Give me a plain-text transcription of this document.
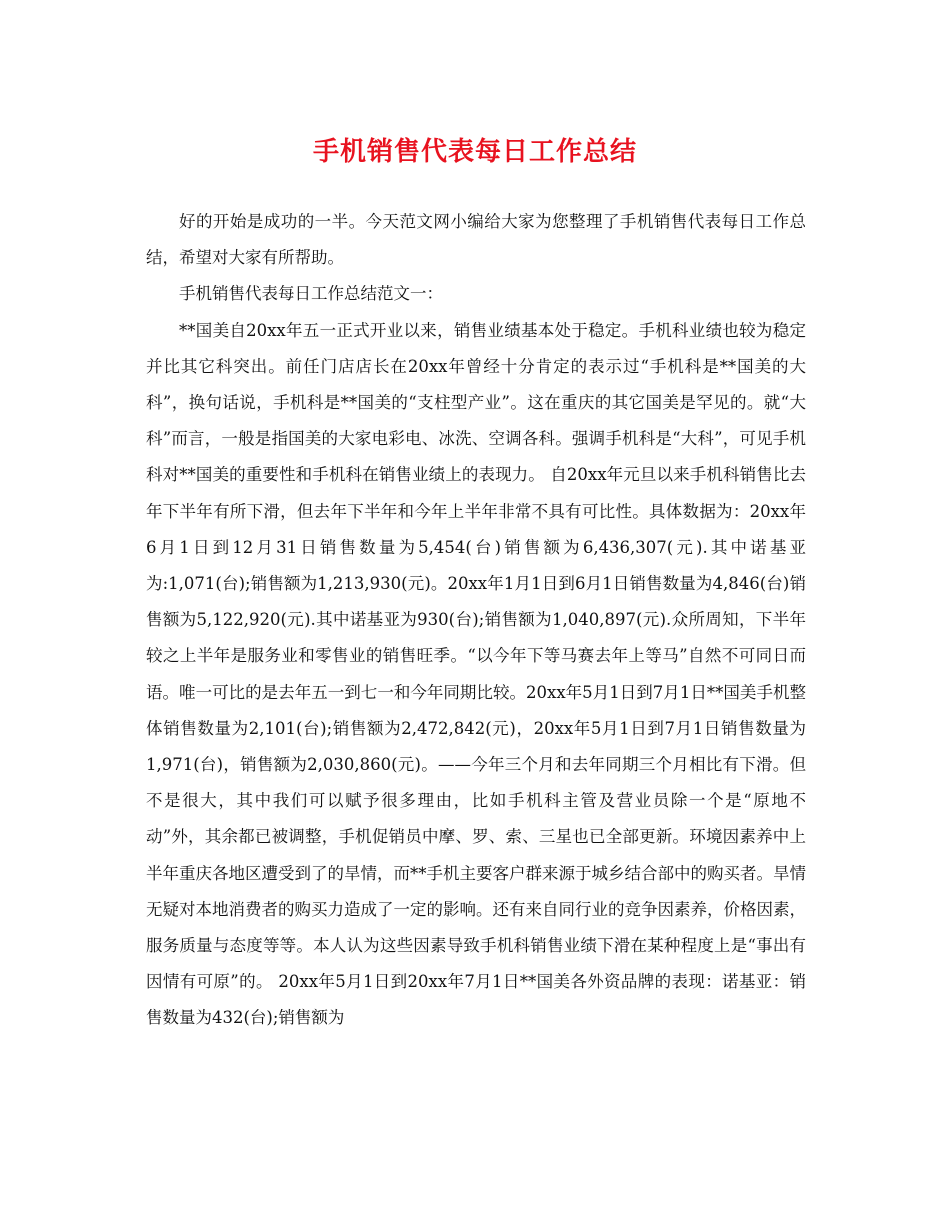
手机销售代表每日工作总结

好的开始是成功的一半。今天范文网小编给大家为您整理了手机销售代表每日工作总结，希望对大家有所帮助。

手机销售代表每日工作总结范文一：

**国美自20xx年五一正式开业以来，销售业绩基本处于稳定。手机科业绩也较为稳定并比其它科突出。前任门店店长在20xx年曾经十分肯定的表示过“手机科是**国美的大科”，换句话说，手机科是**国美的“支柱型产业”。这在重庆的其它国美是罕见的。就“大科”而言，一般是指国美的大家电彩电、冰洗、空调各科。强调手机科是“大科”，可见手机科对**国美的重要性和手机科在销售业绩上的表现力。 自20xx年元旦以来手机科销售比去年下半年有所下滑，但去年下半年和今年上半年非常不具有可比性。具体数据为：20xx年6月1日到12月31日销售数量为5,454(台)销售额为6,436,307(元).其中诺基亚为:1,071(台);销售额为1,213,930(元)。20xx年1月1日到6月1日销售数量为4,846(台)销售额为5,122,920(元).其中诺基亚为930(台);销售额为1,040,897(元).众所周知，下半年较之上半年是服务业和零售业的销售旺季。“以今年下等马赛去年上等马”自然不可同日而语。唯一可比的是去年五一到七一和今年同期比较。20xx年5月1日到7月1日**国美手机整体销售数量为2,101(台);销售额为2,472,842(元)，20xx年5月1日到7月1日销售数量为1,971(台)，销售额为2,030,860(元)。——今年三个月和去年同期三个月相比有下滑。但不是很大，其中我们可以赋予很多理由，比如手机科主管及营业员除一个是“原地不动”外，其余都已被调整，手机促销员中摩、罗、索、三星也已全部更新。环境因素养中上半年重庆各地区遭受到了的旱情，而**手机主要客户群来源于城乡结合部中的购买者。旱情无疑对本地消费者的购买力造成了一定的影响。还有来自同行业的竞争因素养，价格因素，服务质量与态度等等。本人认为这些因素导致手机科销售业绩下滑在某种程度上是“事出有因情有可原”的。 20xx年5月1日到20xx年7月1日**国美各外资品牌的表现：诺基亚：销售数量为432(台);销售额为
